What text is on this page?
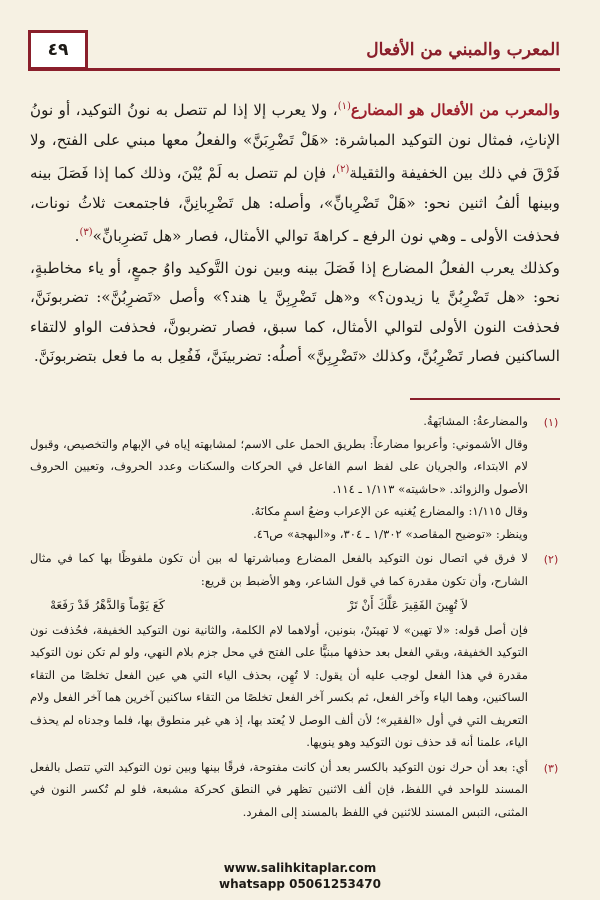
المعرب والمبني من الأفعال
٤٩

والمعرب من الأفعال هو المضارع$^{(١)}$، ولا يعرب إلا إذا لم تتصل به نونُ التوكيد، أو نونُ الإناثِ، فمثال نون التوكيد المباشرة: «هَلْ تَضْرِبَنَّ» والفعلُ معها مبني على الفتح، ولا فَرْقَ في ذلك بين الخفيفة والثقيلة$^{(٢)}$، فإن لم تتصل به لَمْ يُبْنَ، وذلك كما إذا فَصَلَ بينه وبينها ألفُ اثنين نحو: «هَلْ تَضْرِبانِّ»، وأصله: هل تَضْرِبانِنَّ، فاجتمعت ثلاثُ نونات، فحذفت الأولى ـ وهي نون الرفع ـ كراهةَ توالي الأمثال، فصار «هل تَضرِبانِّ»$^{(٣)}$.

وكذلك يعرب الفعلُ المضارع إذا فَصَلَ بينه وبين نون التَّوكيد واوُ جمعٍ، أو ياء مخاطبةٍ، نحو: «هل تَضْرِبُنَّ يا زيدون؟» و«هل تَضْرِبِنَّ يا هند؟» وأصل «تَضرِبُنَّ»: تضربونَنَّ، فحذفت النون الأولى لتوالي الأمثال، كما سبق، فصار تضربونَّ، فحذفت الواو لالتقاء الساكنين فصار تَضْرِبُنَّ، وكذلك «تَضْرِبِنَّ» أصلُه: تضربينَنَّ، فَفُعِل به ما فعل بتضربونَنَّ.

(١)
والمضارعةُ: المشابَهةُ.
وقال الأشموني: وأعربوا مضارعاً: بطريق الحمل على الاسم؛ لمشابهته إياه في الإبهام والتخصيص، وقبول لام الابتداء، والجريان على لفظ اسم الفاعل في الحركات والسكنات وعدد الحروف، وتعيين الحروف الأصول والزوائد. «حاشيته» ١/١١٣ ـ ١١٤.
وقال ١/١١٥: والمضارع يُغنيه عن الإعراب وضعُ اسمٍ مكانَهُ.
وينظر: «توضيح المقاصد» ١/٣٠٢ ـ ٣٠٤، و«البهجة» ص٤٦.
(٢)
لا فرق في اتصال نون التوكيد بالفعل المضارع ومباشرتها له بين أن تكون ملفوظًا بها كما في مثال الشارح، وأن تكون مقدرة كما في قول الشاعر، وهو الأضبط بن قريع:
لاَ تُهِينَ الفَقِيرَ عَلَّكَ أَنْ تَرْ
كَعَ يَوْماً وَالدَّهْرُ قَدْ رَفَعَهْ
فإن أصل قوله: «لا تهين» لا تهينَنْ، بنونين، أولاهما لام الكلمة، والثانية نون التوكيد الخفيفة، فحُذفت نون التوكيد الخفيفة، وبقي الفعل بعد حذفها مبنيًّا على الفتح في محل جزم بلام النهي، ولو لم تكن نون التوكيد مقدرة في هذا الفعل لوجب عليه أن يقول: لا تُهِن، بحذف الياء التي هي عين الفعل تخلصًا من التقاء الساكنين، وهما الياء وآخر الفعل، ثم بكسر آخر الفعل تخلصًا من التقاء ساكنين آخرين هما آخر الفعل ولام التعريف التي في أول «الفقير»؛ لأن ألف الوصل لا يُعتد بها، إذ هي غير منطوق بها، فلما وجدناه لم يحذف الياء، علمنا أنه قد حذف نون التوكيد وهو ينويها.
(٣)
أي: بعد أن حرك نون التوكيد بالكسر بعد أن كانت مفتوحة، فرقًا بينها وبين نون التوكيد التي تتصل بالفعل المسند للواحد في اللفظ، فإن ألف الاثنين تظهر في النطق كحركة مشبعة، فلو لم تُكسر النون في المثنى، التبس المسند للاثنين في اللفظ بالمسند إلى المفرد.
www.salihkitaplar.com
whatsapp 05061253470
